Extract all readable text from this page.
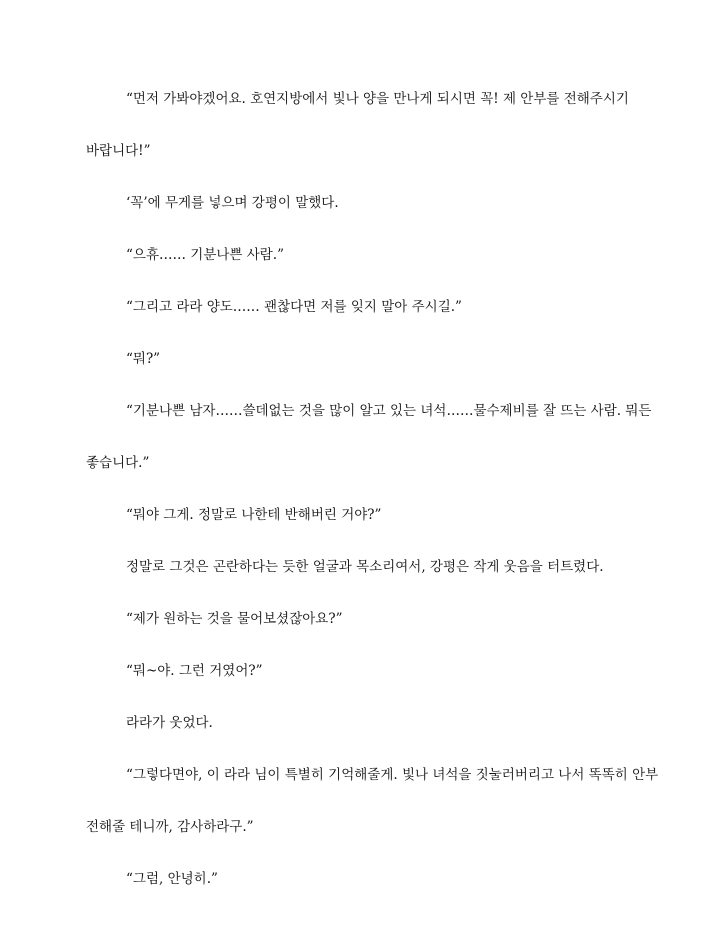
“먼저 가봐야겠어요. 호연지방에서 빛나 양을 만나게 되시면 꼭! 제 안부를 전해주시기
바랍니다!”
‘꼭’에 무게를 넣으며 강평이 말했다.
“으휴…… 기분나쁜 사람.”
“그리고 라라 양도…… 괜찮다면 저를 잊지 말아 주시길.”
“뭐?”
“기분나쁜 남자……쓸데없는 것을 많이 알고 있는 녀석……물수제비를 잘 뜨는 사람. 뭐든
좋습니다.”
“뭐야 그게. 정말로 나한테 반해버린 거야?”
정말로 그것은 곤란하다는 듯한 얼굴과 목소리여서, 강평은 작게 웃음을 터트렸다.
“제가 원하는 것을 물어보셨잖아요?”
“뭐~야. 그런 거였어?”
라라가 웃었다.
“그렇다면야, 이 라라 님이 특별히 기억해줄게. 빛나 녀석을 짓눌러버리고 나서 똑똑히 안부
전해줄 테니까, 감사하라구.”
“그럼, 안녕히.”
